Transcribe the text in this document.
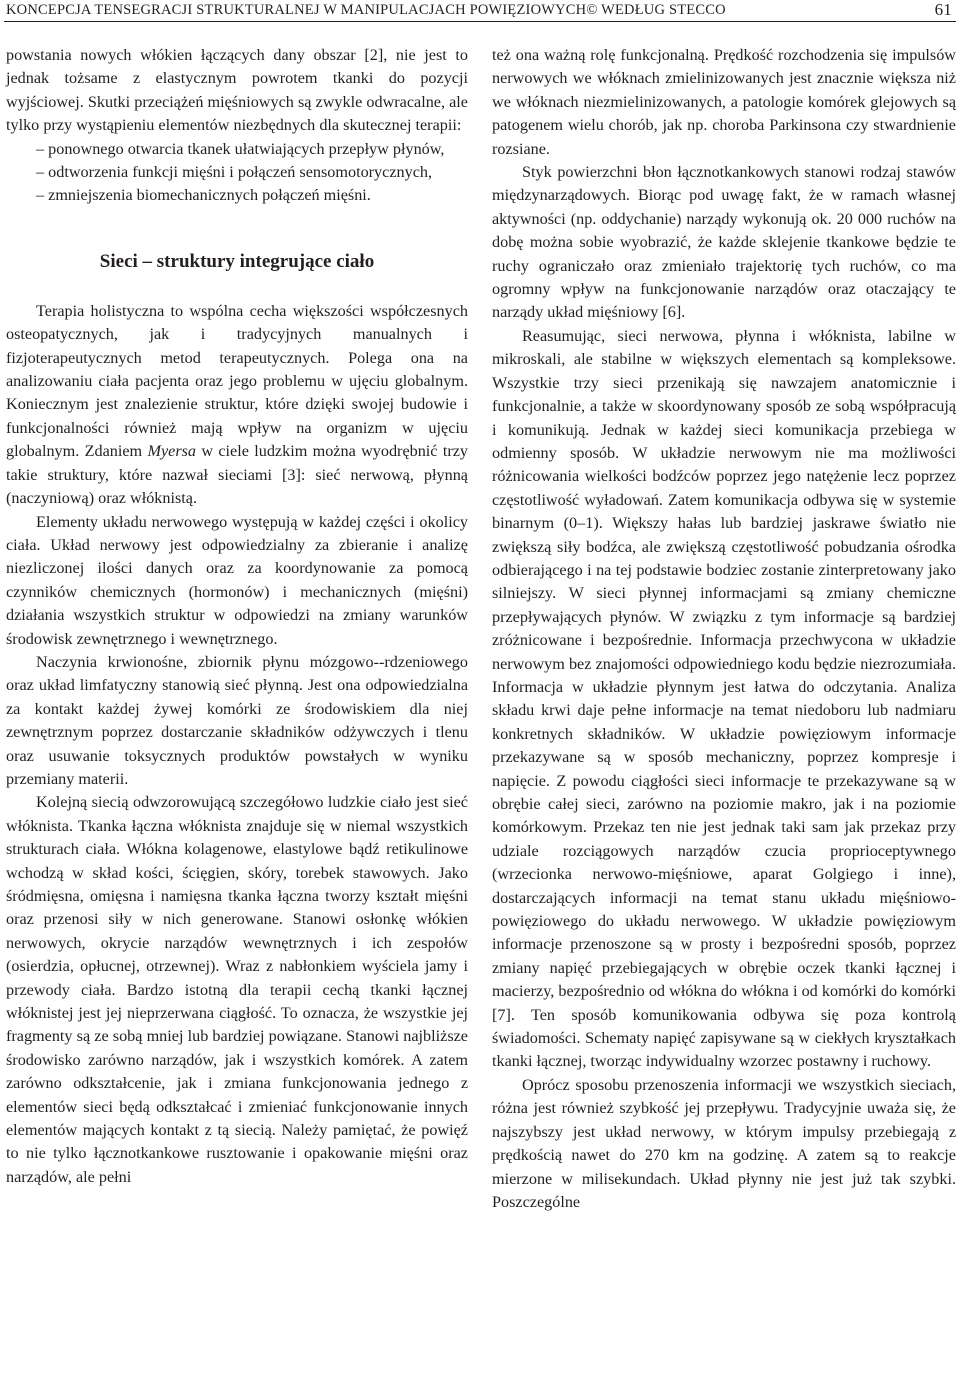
KONCEPCJA TENSEGRACJI STRUKTURALNEJ W MANIPULACJACH POWIĘZIOWYCH© WEDŁUG STECCO	61

powstania nowych włókien łączących dany obszar [2], nie jest to jednak tożsame z elastycznym powrotem tkanki do pozycji wyjściowej. Skutki przeciążeń mięśniowych są zwykle odwracalne, ale tylko przy wystąpieniu elementów niezbędnych dla skutecznej terapii:

– ponownego otwarcia tkanek ułatwiających przepływ płynów,

– odtworzenia funkcji mięśni i połączeń sensomotorycznych,

– zmniejszenia biomechanicznych połączeń mięśni.

Sieci – struktury integrujące ciało

Terapia holistyczna to wspólna cecha większości współczesnych osteopatycznych, jak i tradycyjnych manualnych i fizjoterapeutycznych metod terapeutycznych. Polega ona na analizowaniu ciała pacjenta oraz jego problemu w ujęciu globalnym. Koniecznym jest znalezienie struktur, które dzięki swojej budowie i funkcjonalności również mają wpływ na organizm w ujęciu globalnym. Zdaniem Myersa w ciele ludzkim można wyodrębnić trzy takie struktury, które nazwał sieciami [3]: sieć nerwową, płynną (naczyniową) oraz włóknistą.

Elementy układu nerwowego występują w każdej części i okolicy ciała. Układ nerwowy jest odpowiedzialny za zbieranie i analizę niezliczonej ilości danych oraz za koordynowanie za pomocą czynników chemicznych (hormonów) i mechanicznych (mięśni) działania wszystkich struktur w odpowiedzi na zmiany warunków środowisk zewnętrznego i wewnętrznego.

Naczynia krwionośne, zbiornik płynu mózgowo--rdzeniowego oraz układ limfatyczny stanowią sieć płynną. Jest ona odpowiedzialna za kontakt każdej żywej komórki ze środowiskiem dla niej zewnętrznym poprzez dostarczanie składników odżywczych i tlenu oraz usuwanie toksycznych produktów powstałych w wyniku przemiany materii.

Kolejną siecią odwzorowującą szczegółowo ludzkie ciało jest sieć włóknista. Tkanka łączna włóknista znajduje się w niemal wszystkich strukturach ciała. Włókna kolagenowe, elastylowe bądź retikulinowe wchodzą w skład kości, ścięgien, skóry, torebek stawowych. Jako śródmięsna, omięsna i namięsna tkanka łączna tworzy kształt mięśni oraz przenosi siły w nich generowane. Stanowi osłonkę włókien nerwowych, okrycie narządów wewnętrznych i ich zespołów (osierdzia, opłucnej, otrzewnej). Wraz z nabłonkiem wyściela jamy i przewody ciała. Bardzo istotną dla terapii cechą tkanki łącznej włóknistej jest jej nieprzerwana ciągłość. To oznacza, że wszystkie jej fragmenty są ze sobą mniej lub bardziej powiązane. Stanowi najbliższe środowisko zarówno narządów, jak i wszystkich komórek. A zatem zarówno odkształcenie, jak i zmiana funkcjonowania jednego z elementów sieci będą odkształcać i zmieniać funkcjonowanie innych elementów mających kontakt z tą siecią. Należy pamiętać, że powięź to nie tylko łącznotkankowe rusztowanie i opakowanie mięśni oraz narządów, ale pełni

też ona ważną rolę funkcjonalną. Prędkość rozchodzenia się impulsów nerwowych we włóknach zmielinizowanych jest znacznie większa niż we włóknach niezmielinizowanych, a patologie komórek glejowych są patogenem wielu chorób, jak np. choroba Parkinsona czy stwardnienie rozsiane.

Styk powierzchni błon łącznotkankowych stanowi rodzaj stawów międzynarządowych. Biorąc pod uwagę fakt, że w ramach własnej aktywności (np. oddychanie) narządy wykonują ok. 20 000 ruchów na dobę można sobie wyobrazić, że każde sklejenie tkankowe będzie te ruchy ograniczało oraz zmieniało trajektorię tych ruchów, co ma ogromny wpływ na funkcjonowanie narządów oraz otaczający te narządy układ mięśniowy [6].

Reasumując, sieci nerwowa, płynna i włóknista, labilne w mikroskali, ale stabilne w większych elementach są kompleksowe. Wszystkie trzy sieci przenikają się nawzajem anatomicznie i funkcjonalnie, a także w skoordynowany sposób ze sobą współpracują i komunikują. Jednak w każdej sieci komunikacja przebiega w odmienny sposób. W układzie nerwowym nie ma możliwości różnicowania wielkości bodźców poprzez jego natężenie lecz poprzez częstotliwość wyładowań. Zatem komunikacja odbywa się w systemie binarnym (0–1). Większy hałas lub bardziej jaskrawe światło nie zwiększą siły bodźca, ale zwiększą częstotliwość pobudzania ośrodka odbierającego i na tej podstawie bodziec zostanie zinterpretowany jako silniejszy. W sieci płynnej informacjami są zmiany chemiczne przepływających płynów. W związku z tym informacje są bardziej zróżnicowane i bezpośrednie. Informacja przechwycona w układzie nerwowym bez znajomości odpowiedniego kodu będzie niezrozumiała. Informacja w układzie płynnym jest łatwa do odczytania. Analiza składu krwi daje pełne informacje na temat niedoboru lub nadmiaru konkretnych składników. W układzie powięziowym informacje przekazywane są w sposób mechaniczny, poprzez kompresje i napięcie. Z powodu ciągłości sieci informacje te przekazywane są w obrębie całej sieci, zarówno na poziomie makro, jak i na poziomie komórkowym. Przekaz ten nie jest jednak taki sam jak przekaz przy udziale rozciągowych narządów czucia proprioceptywnego (wrzecionka nerwowo-mięśniowe, aparat Golgiego i inne), dostarczających informacji na temat stanu układu mięśniowo-powięziowego do układu nerwowego. W układzie powięziowym informacje przenoszone są w prosty i bezpośredni sposób, poprzez zmiany napięć przebiegających w obrębie oczek tkanki łącznej i macierzy, bezpośrednio od włókna do włókna i od komórki do komórki [7]. Ten sposób komunikowania odbywa się poza kontrolą świadomości. Schematy napięć zapisywane są w ciekłych kryształkach tkanki łącznej, tworząc indywidualny wzorzec postawny i ruchowy.

Oprócz sposobu przenoszenia informacji we wszystkich sieciach, różna jest również szybkość jej przepływu. Tradycyjnie uważa się, że najszybszy jest układ nerwowy, w którym impulsy przebiegają z prędkością nawet do 270 km na godzinę. A zatem są to reakcje mierzone w milisekundach. Układ płynny nie jest już tak szybki. Poszczególne
